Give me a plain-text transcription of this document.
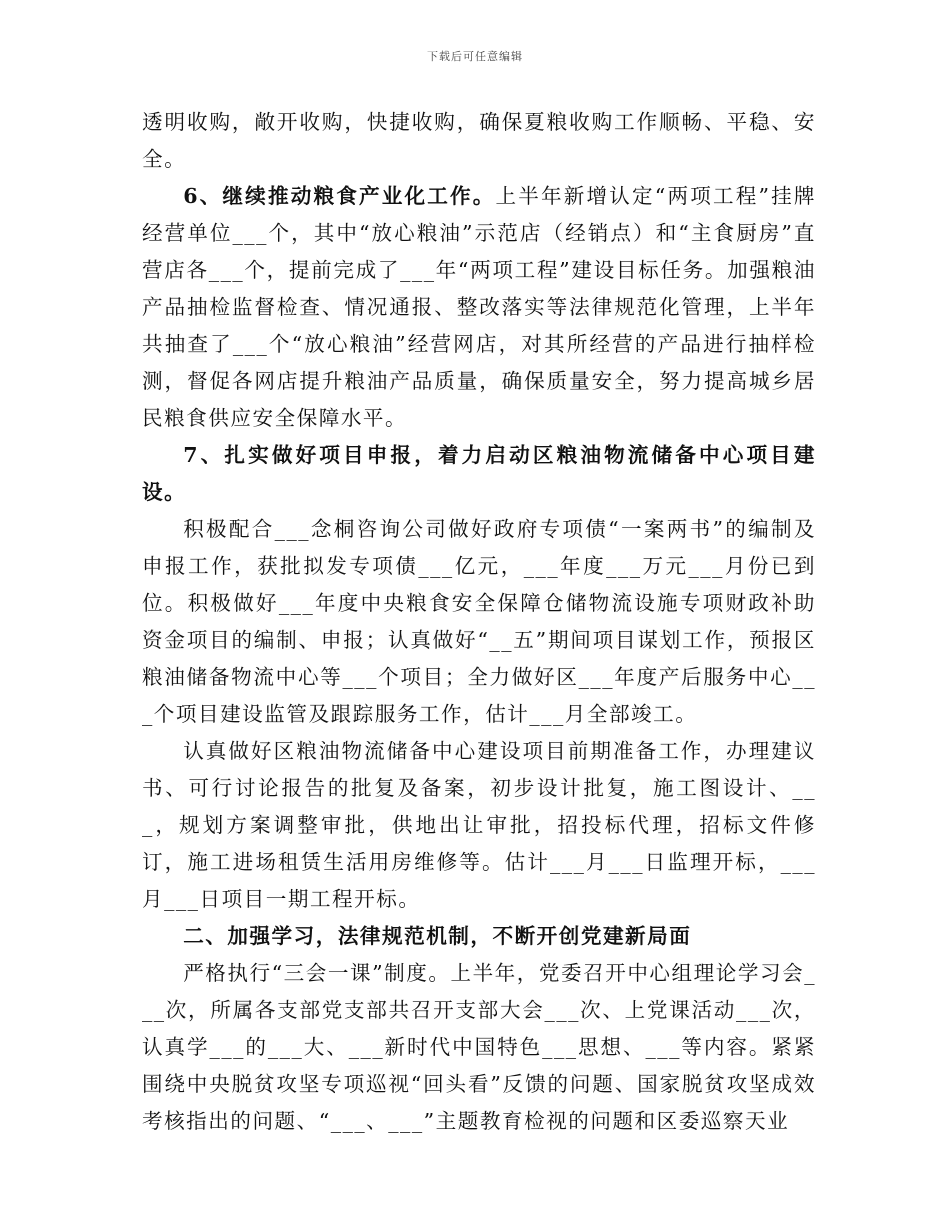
下载后可任意编辑

透明收购，敞开收购，快捷收购，确保夏粮收购工作顺畅、平稳、安全。

6、继续推动粮食产业化工作。上半年新增认定“两项工程”挂牌经营单位___个，其中“放心粮油”示范店（经销点）和“主食厨房”直营店各___个，提前完成了___年“两项工程”建设目标任务。加强粮油产品抽检监督检查、情况通报、整改落实等法律规范化管理，上半年共抽查了___个“放心粮油”经营网店，对其所经营的产品进行抽样检测，督促各网店提升粮油产品质量，确保质量安全，努力提高城乡居民粮食供应安全保障水平。

7、扎实做好项目申报，着力启动区粮油物流储备中心项目建设。

积极配合___念桐咨询公司做好政府专项债“一案两书”的编制及申报工作，获批拟发专项债___亿元，___年度___万元___月份已到位。积极做好___年度中央粮食安全保障仓储物流设施专项财政补助资金项目的编制、申报；认真做好“__五”期间项目谋划工作，预报区粮油储备物流中心等___个项目；全力做好区___年度产后服务中心___个项目建设监管及跟踪服务工作，估计___月全部竣工。

认真做好区粮油物流储备中心建设项目前期准备工作，办理建议书、可行讨论报告的批复及备案，初步设计批复，施工图设计、___，规划方案调整审批，供地出让审批，招投标代理，招标文件修订，施工进场租赁生活用房维修等。估计___月___日监理开标，___月___日项目一期工程开标。

二、加强学习，法律规范机制，不断开创党建新局面

严格执行“三会一课”制度。上半年，党委召开中心组理论学习会___次，所属各支部党支部共召开支部大会___次、上党课活动___次，认真学___的___大、___新时代中国特色___思想、___等内容。紧紧围绕中央脱贫攻坚专项巡视“回头看”反馈的问题、国家脱贫攻坚成效考核指出的问题、“___、___”主题教育检视的问题和区委巡察天业
